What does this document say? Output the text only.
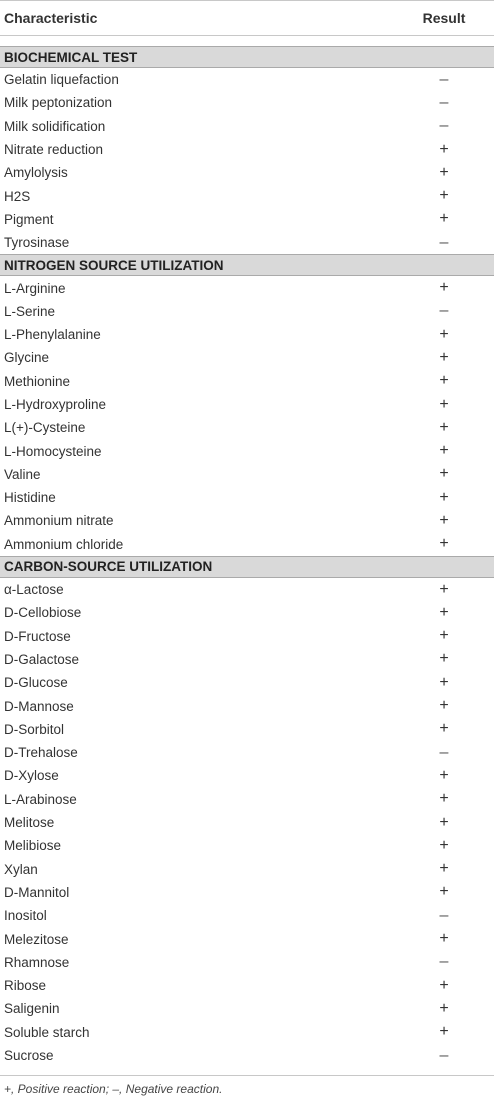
Characteristic	Result
BIOCHEMICAL TEST
Gelatin liquefaction	–
Milk peptonization	–
Milk solidification	–
Nitrate reduction	+
Amylolysis	+
H2S	+
Pigment	+
Tyrosinase	–
NITROGEN SOURCE UTILIZATION
L-Arginine	+
L-Serine	–
L-Phenylalanine	+
Glycine	+
Methionine	+
L-Hydroxyproline	+
L(+)-Cysteine	+
L-Homocysteine	+
Valine	+
Histidine	+
Ammonium nitrate	+
Ammonium chloride	+
CARBON-SOURCE UTILIZATION
α-Lactose	+
D-Cellobiose	+
D-Fructose	+
D-Galactose	+
D-Glucose	+
D-Mannose	+
D-Sorbitol	+
D-Trehalose	–
D-Xylose	+
L-Arabinose	+
Melitose	+
Melibiose	+
Xylan	+
D-Mannitol	+
Inositol	–
Melezitose	+
Rhamnose	–
Ribose	+
Saligenin	+
Soluble starch	+
Sucrose	–
+, Positive reaction; –, Negative reaction.
